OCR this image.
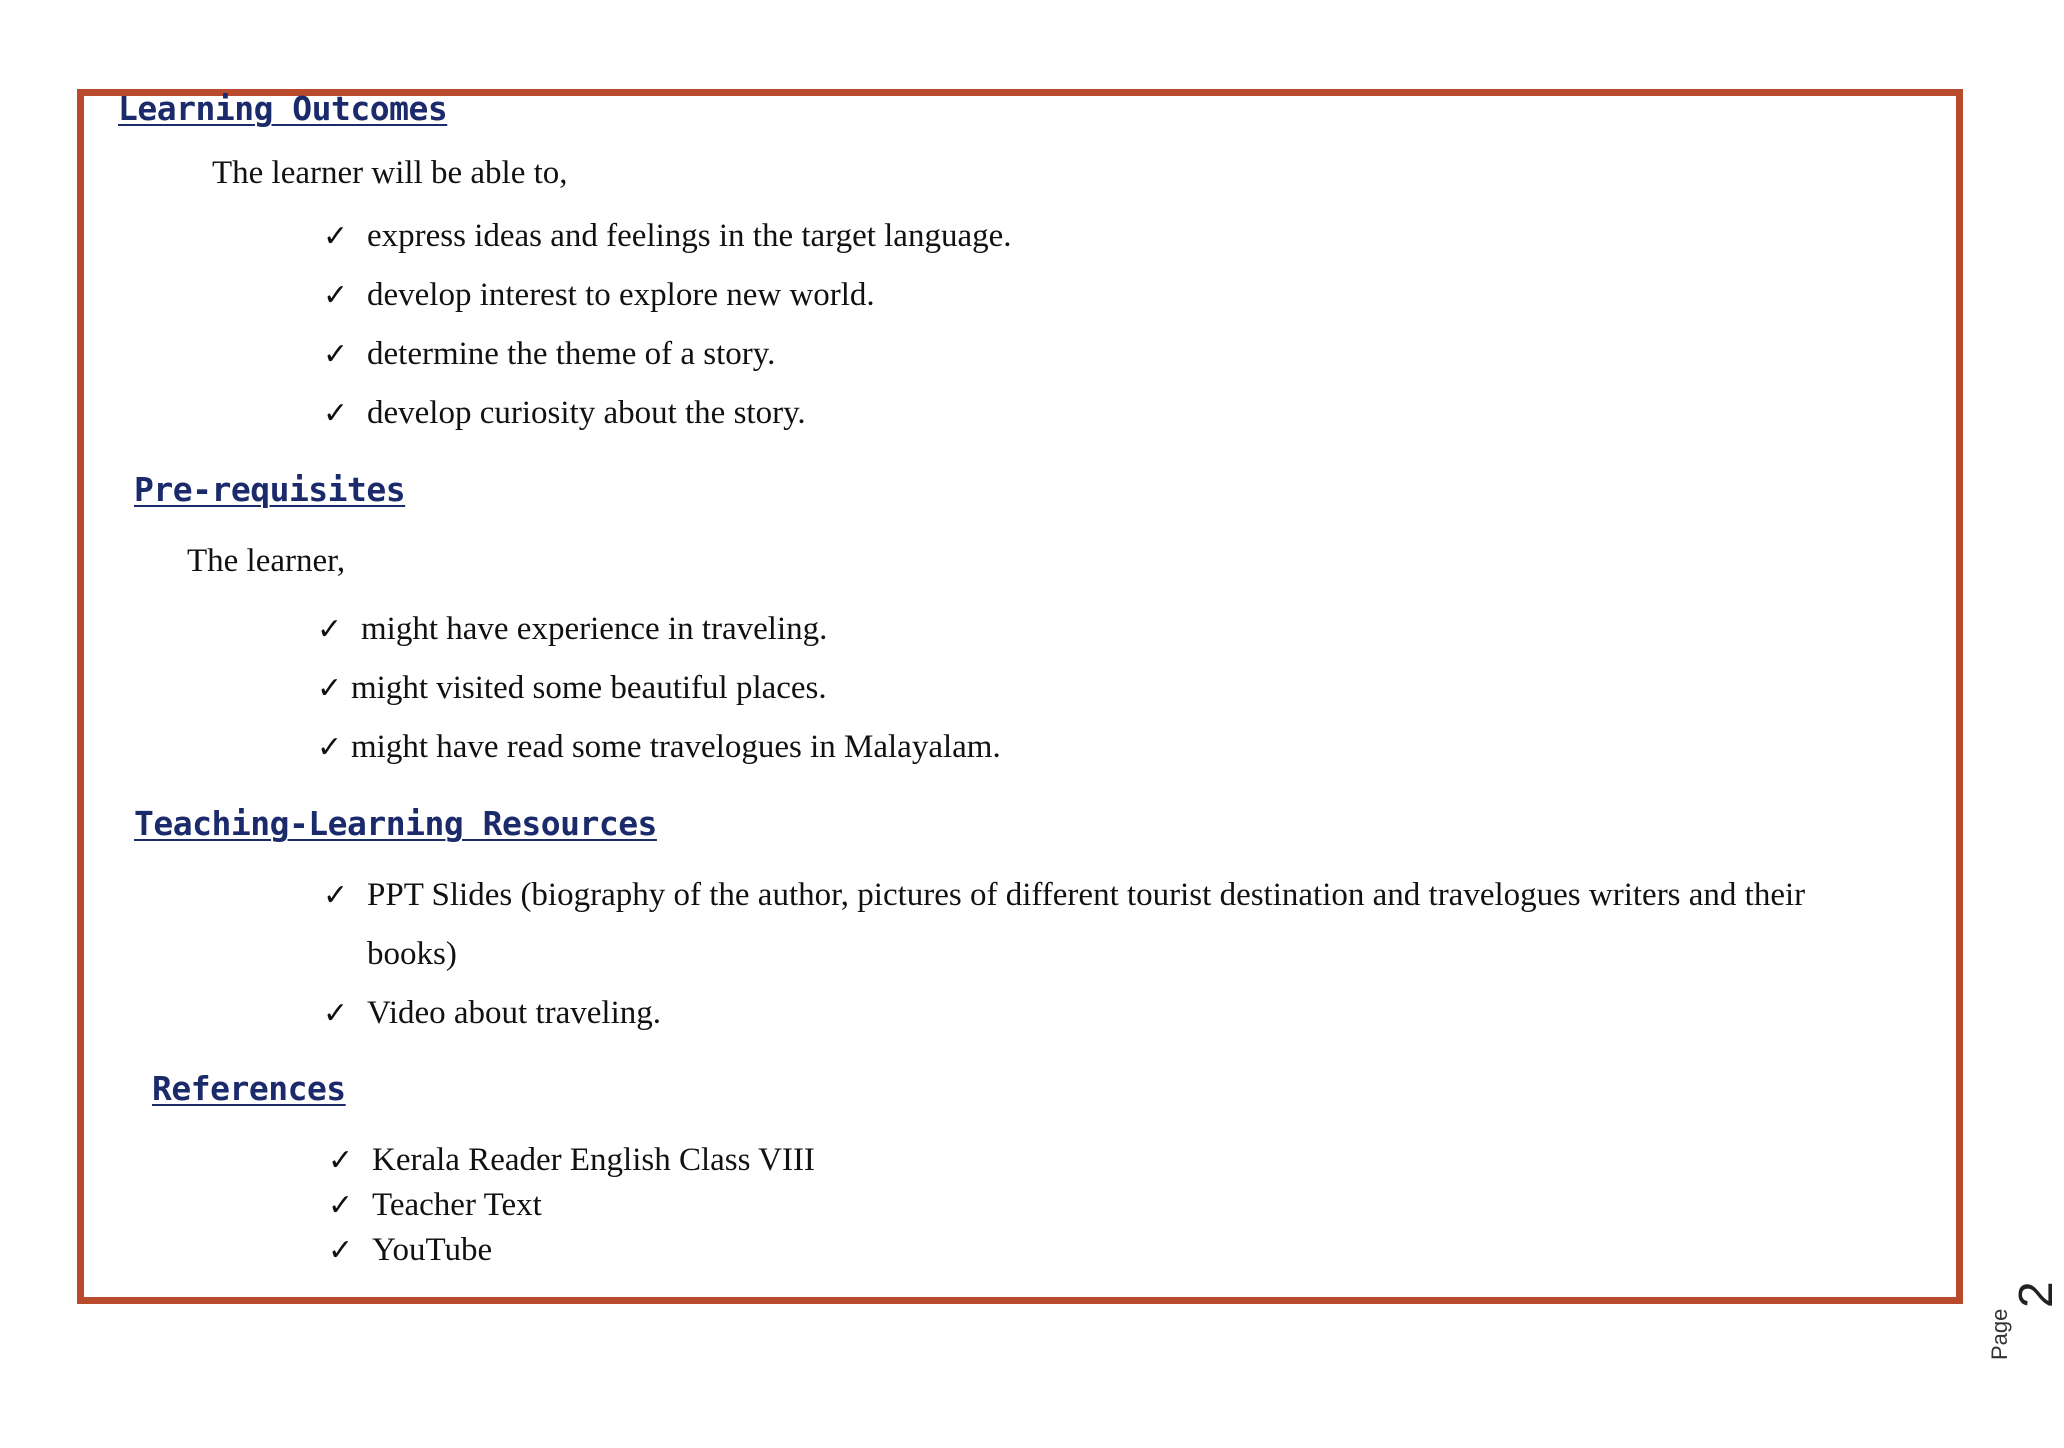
Learning Outcomes
The learner will be able to,
✓ express ideas and feelings in the target language.
✓ develop interest to explore new world.
✓ determine the theme of a story.
✓ develop curiosity about the story.
Pre-requisites
The learner,
✓ might have experience in traveling.
✓ might visited some beautiful places.
✓ might have read some travelogues in Malayalam.
Teaching-Learning Resources
✓ PPT Slides (biography of the author, pictures of different tourist destination and travelogues writers and their
books)
✓ Video about traveling.
References
✓ Kerala Reader English Class VIII
✓ Teacher Text
✓ YouTube
Page
2
